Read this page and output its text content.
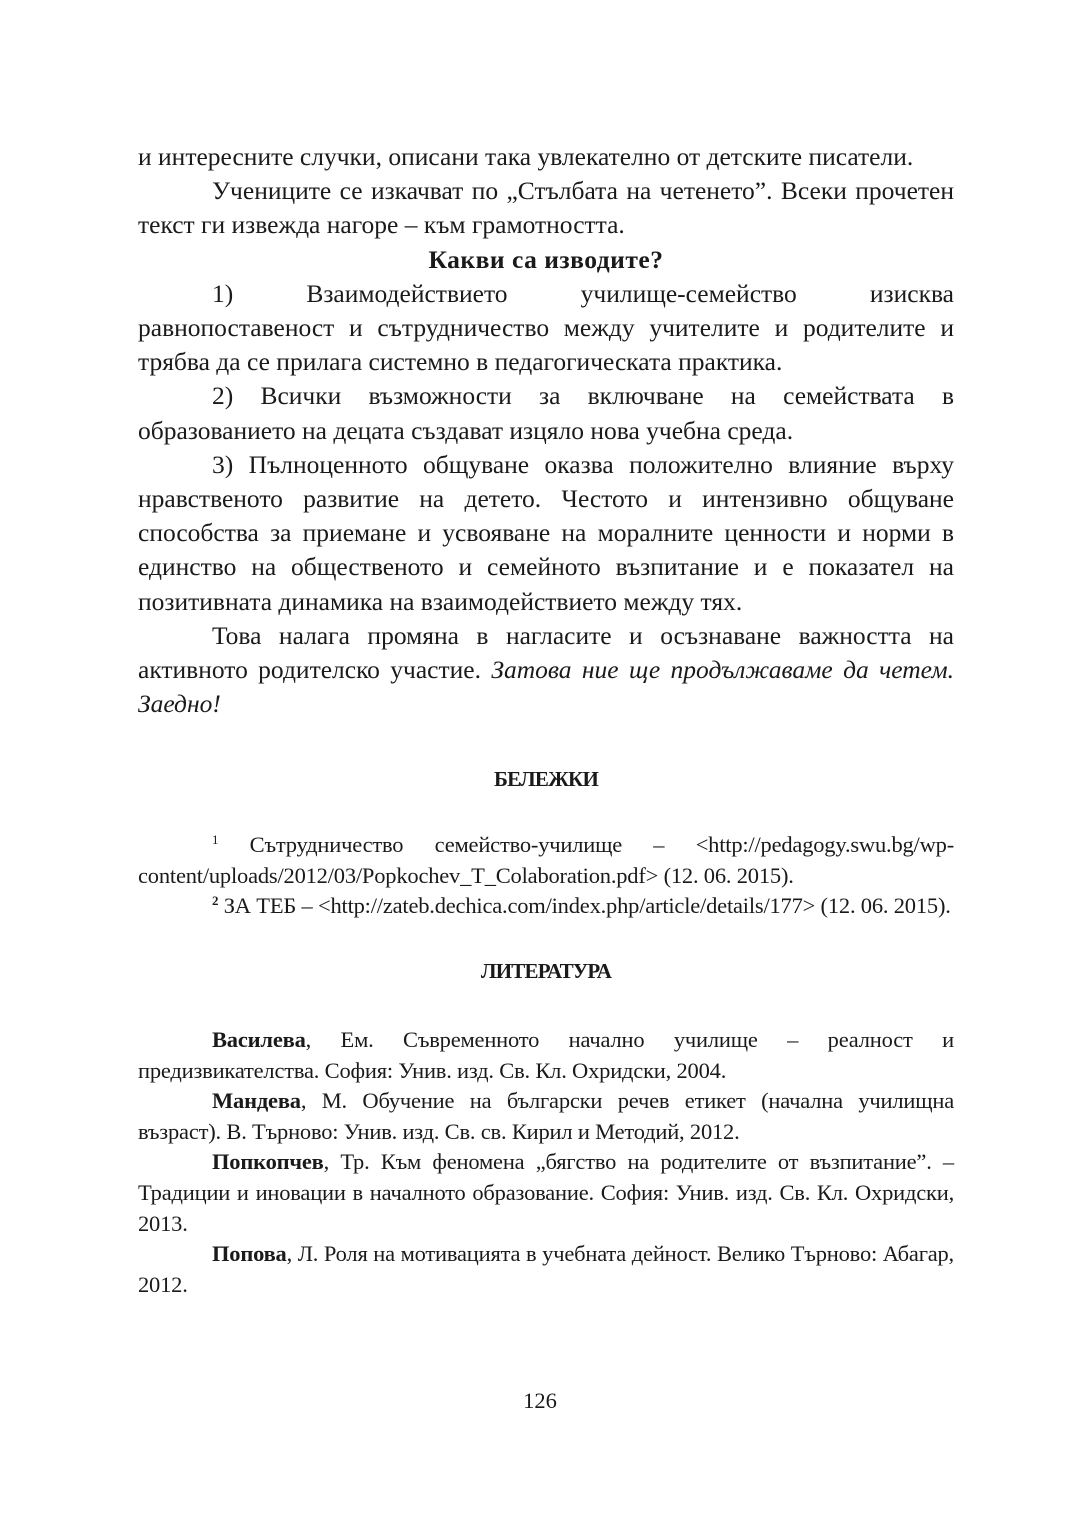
и интересните случки, описани така увлекателно от детските писатели.

Учениците се изкачват по „Стълбата на четенето”. Всеки прочетен текст ги извежда нагоре – към грамотността.

Какви са изводите?

1) Взаимодействието училище-семейство изисква равнопоставеност и сътрудничество между учителите и родителите и трябва да се прилага системно в педагогическата практика.

2) Всички възможности за включване на семействата в образованието на децата създават изцяло нова учебна среда.

3) Пълноценното общуване оказва положително влияние върху нравственото развитие на детето. Честото и интензивно общуване способства за приемане и усвояване на моралните ценности и норми в единство на общественото и семейното възпитание и е показател на позитивната динамика на взаимодействието между тях.

Това налага промяна в нагласите и осъзнаване важността на активното родителско участие. Затова ние ще продължаваме да четем. Заедно!

БЕЛЕЖКИ

$^1$ Сътрудничество семейство-училище – <http://pedagogy.swu.bg/wp-content/uploads/2012/03/Popkochev_T_Colaboration.pdf> (12. 06. 2015).

$^2$ ЗА ТЕБ – <http://zateb.dechica.com/index.php/article/details/177> (12. 06. 2015).

ЛИТЕРАТУРА

Василева, Ем. Съвременното начално училище – реалност и предизвикателства. София: Унив. изд. Св. Кл. Охридски, 2004.

Мандева, М. Обучение на български речев етикет (начална училищна възраст). В. Търново: Унив. изд. Св. св. Кирил и Методий, 2012.

Попкопчев, Тр. Към феномена „бягство на родителите от възпитание”. – Традиции и иновации в началното образование. София: Унив. изд. Св. Кл. Охридски, 2013.

Попова, Л. Роля на мотивацията в учебната дейност. Велико Търново: Абагар, 2012.

126
